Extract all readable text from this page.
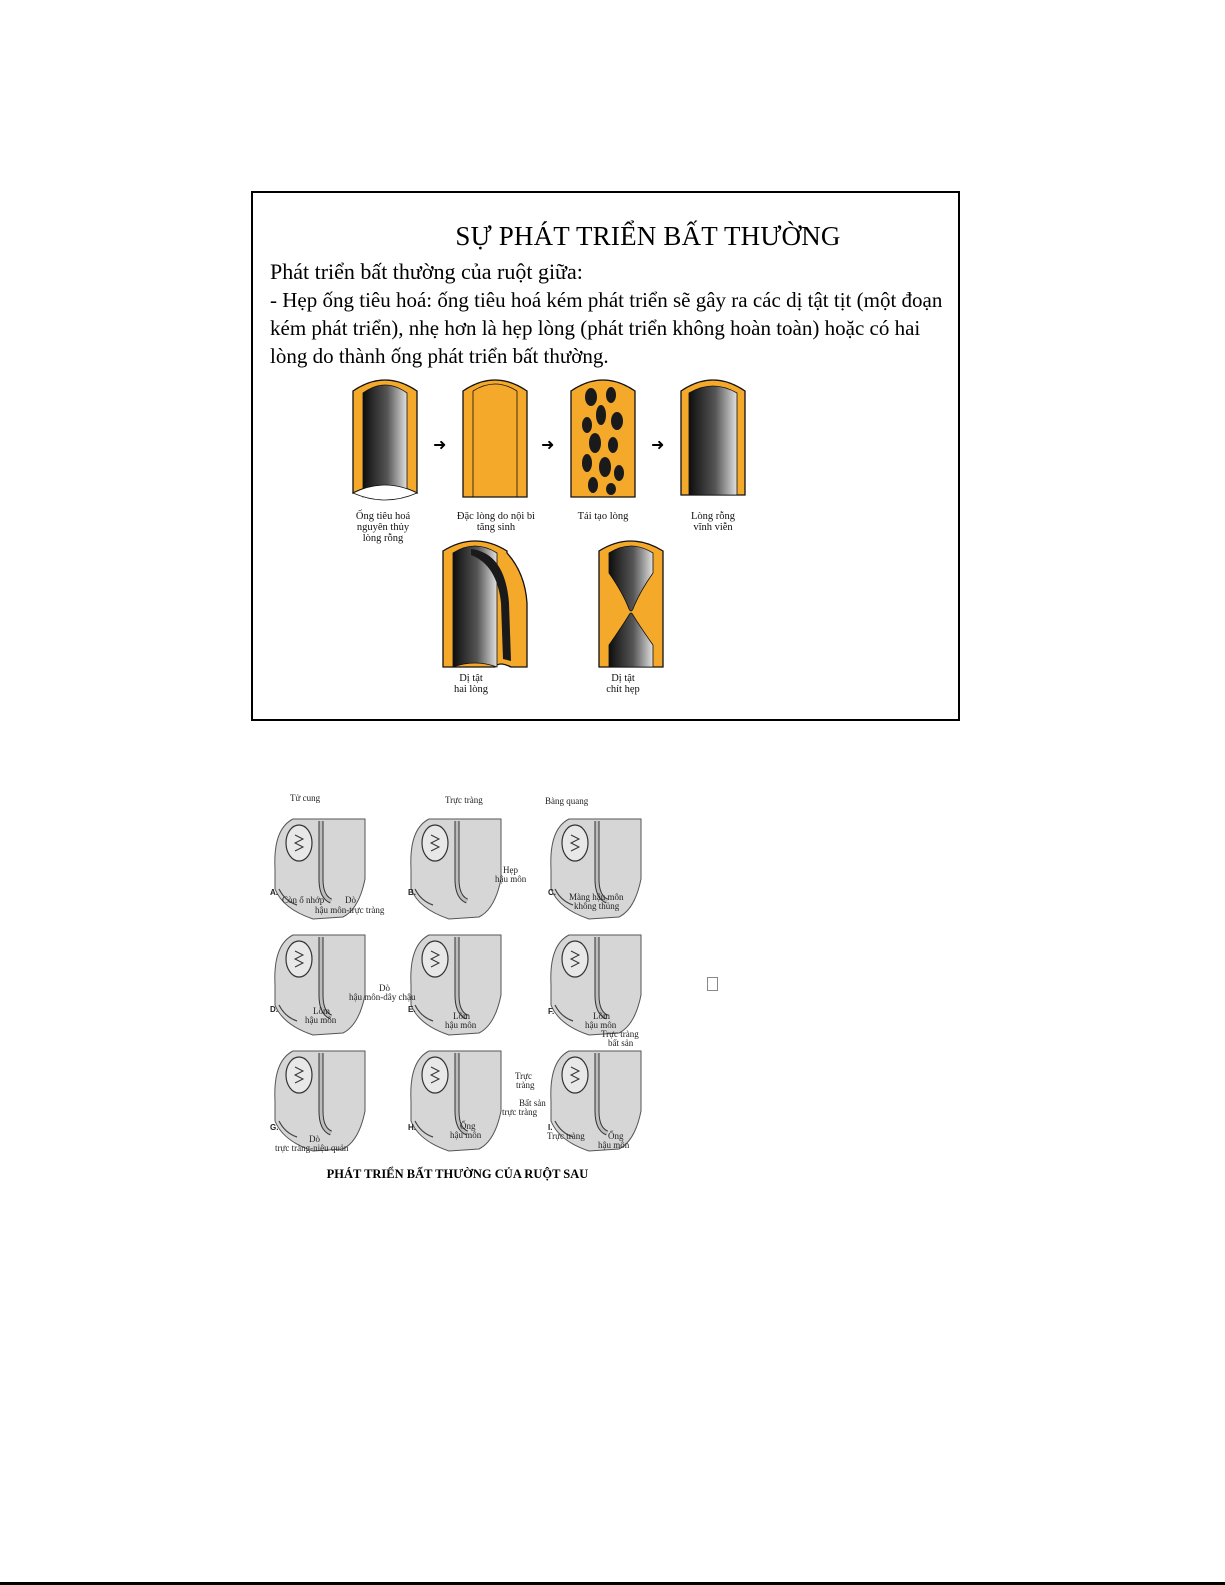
SỰ PHÁT TRIỂN BẤT THƯỜNG
Phát triển bất thường của ruột giữa:

- Hẹp ống tiêu hoá: ống tiêu hoá kém phát triển sẽ gây ra các dị tật tịt (một đoạn kém phát triển), nhẹ hơn là hẹp lòng (phát triển không hoàn toàn) hoặc có hai lòng do thành ống phát triển bất thường.

➜	➜	➜
Ống tiêu hoá
nguyên thủy
lòng rỗng
Đặc lòng do nội bì
tăng sinh
Tái tạo lòng	Lòng rỗng
vĩnh viễn
Dị tật
hai lòng
Dị tật
chít hẹp
Tử cung
A.
Còn ổ nhớp Dò
hậu môn-trực tràng
Trực tràng
B.
Hẹp
hậu môn
Bàng quang
C. Màng hậu môn
không thủng
D.	Lõm
hậu môn
Dò
hậu môn-dây chậu
E.
Lõm
hậu môn
F.	Lõm
hậu môn
G.
Dò
trực tràng-niệu quản
Trực
tràng
Bất sản
trực tràng
H.	Ống
hậu môn
Trực tràng
bất sản
I.
Trực tràng	Ống
hậu môn
PHÁT TRIỂN BẤT THƯỜNG CỦA RUỘT SAU
